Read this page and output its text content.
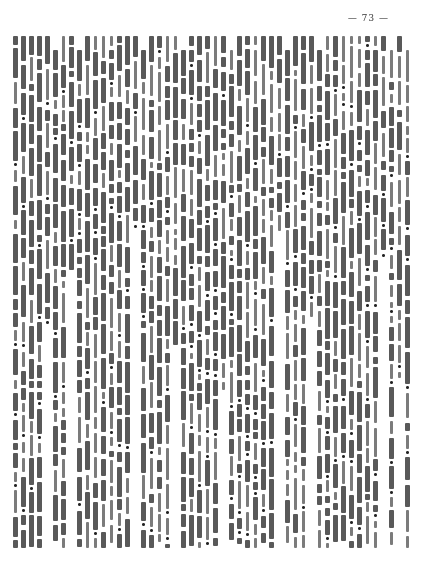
— 73 —
